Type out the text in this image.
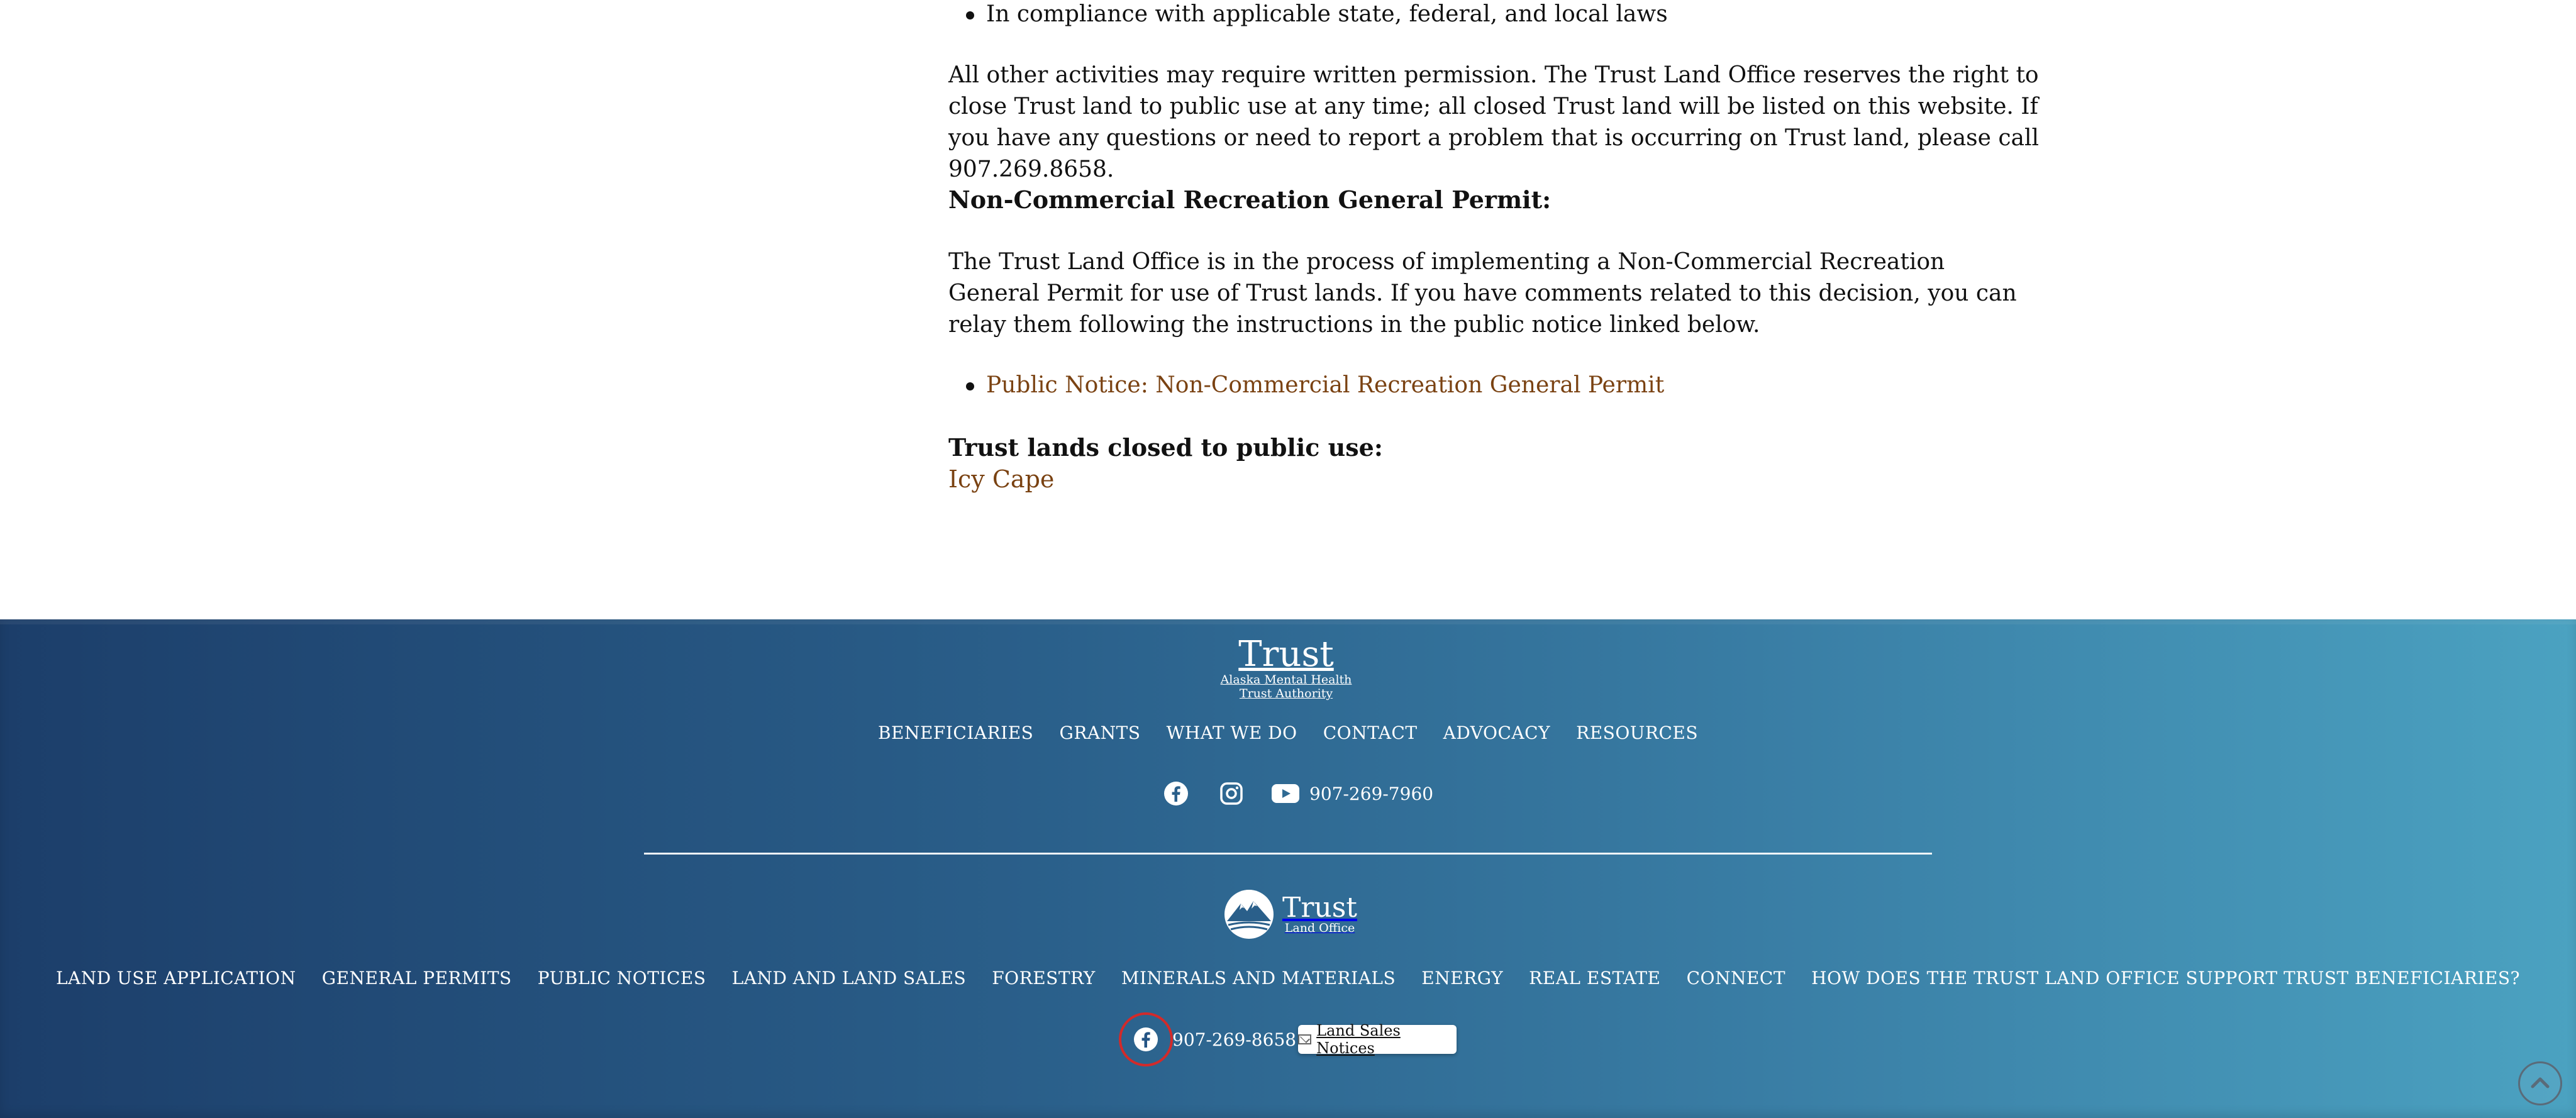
In compliance with applicable state, federal, and local laws

All other activities may require written permission. The Trust Land Office reserves the right to close Trust land to public use at any time; all closed Trust land will be listed on this website. If you have any questions or need to report a problem that is occurring on Trust land, please call 907.269.8658.

Non-Commercial Recreation General Permit:

The Trust Land Office is in the process of implementing a Non-Commercial Recreation General Permit for use of Trust lands. If you have comments related to this decision, you can relay them following the instructions in the public notice linked below.

Public Notice: Non-Commercial Recreation General Permit
Trust lands closed to public use:
Icy Cape
Trust
Alaska Mental Health
Trust Authority
BENEFICIARIES GRANTS WHAT WE DO CONTACT ADVOCACY RESOURCES
907-269-7960
Trust
Land Office
LAND USE APPLICATION GENERAL PERMITS PUBLIC NOTICES LAND AND LAND SALES FORESTRY MINERALS AND MATERIALS ENERGY REAL ESTATE CONNECT HOW DOES THE TRUST LAND OFFICE SUPPORT TRUST BENEFICIARIES?
907-269-8658 Land Sales Notices
